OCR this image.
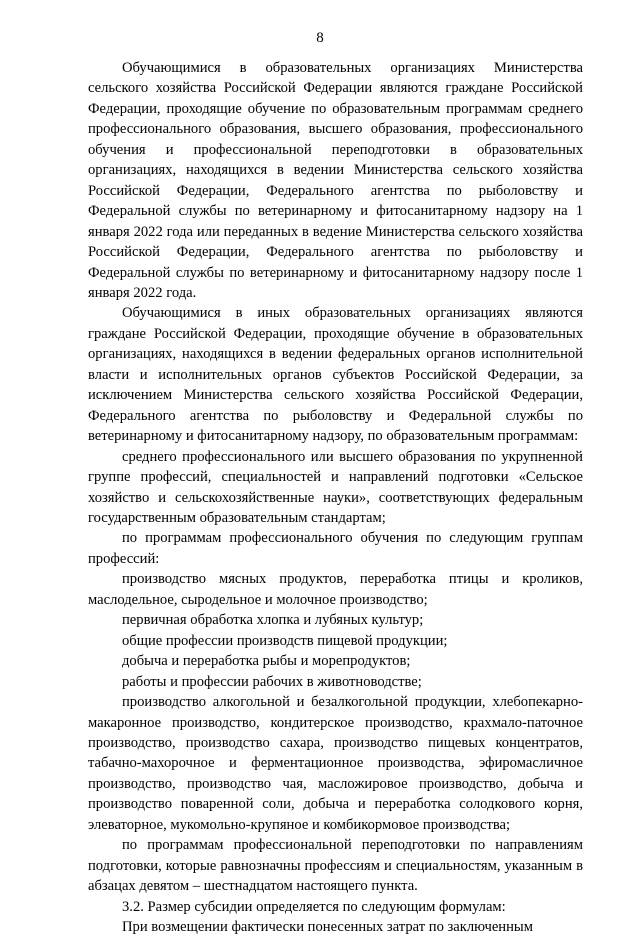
8

Обучающимися в образовательных организациях Министерства сельского хозяйства Российской Федерации являются граждане Российской Федерации, проходящие обучение по образовательным программам среднего профессионального образования, высшего образования, профессионального обучения и профессиональной переподготовки в образовательных организациях, находящихся в ведении Министерства сельского хозяйства Российской Федерации, Федерального агентства по рыболовству и Федеральной службы по ветеринарному и фитосанитарному надзору на 1 января 2022 года или переданных в ведение Министерства сельского хозяйства Российской Федерации, Федерального агентства по рыболовству и Федеральной службы по ветеринарному и фитосанитарному надзору после 1 января 2022 года.

Обучающимися в иных образовательных организациях являются граждане Российской Федерации, проходящие обучение в образовательных организациях, находящихся в ведении федеральных органов исполнительной власти и исполнительных органов субъектов Российской Федерации, за исключением Министерства сельского хозяйства Российской Федерации, Федерального агентства по рыболовству и Федеральной службы по ветеринарному и фитосанитарному надзору, по образовательным программам:

среднего профессионального или высшего образования по укрупненной группе профессий, специальностей и направлений подготовки «Сельское хозяйство и сельскохозяйственные науки», соответствующих федеральным государственным образовательным стандартам;

по программам профессионального обучения по следующим группам профессий:

производство мясных продуктов, переработка птицы и кроликов, маслодельное, сыродельное и молочное производство;

первичная обработка хлопка и лубяных культур;

общие профессии производств пищевой продукции;

добыча и переработка рыбы и морепродуктов;

работы и профессии рабочих в животноводстве;

производство алкогольной и безалкогольной продукции, хлебопекарно-макаронное производство, кондитерское производство, крахмало-паточное производство, производство сахара, производство пищевых концентратов, табачно-махорочное и ферментационное производства, эфиромасличное производство, производство чая, масложировое производство, добыча и производство поваренной соли, добыча и переработка солодкового корня, элеваторное, мукомольно-крупяное и комбикормовое производства;

по программам профессиональной переподготовки по направлениям подготовки, которые равнозначны профессиям и специальностям, указанным в абзацах девятом – шестнадцатом настоящего пункта.

3.2. Размер субсидии определяется по следующим формулам:

При возмещении фактически понесенных затрат по заключенным
